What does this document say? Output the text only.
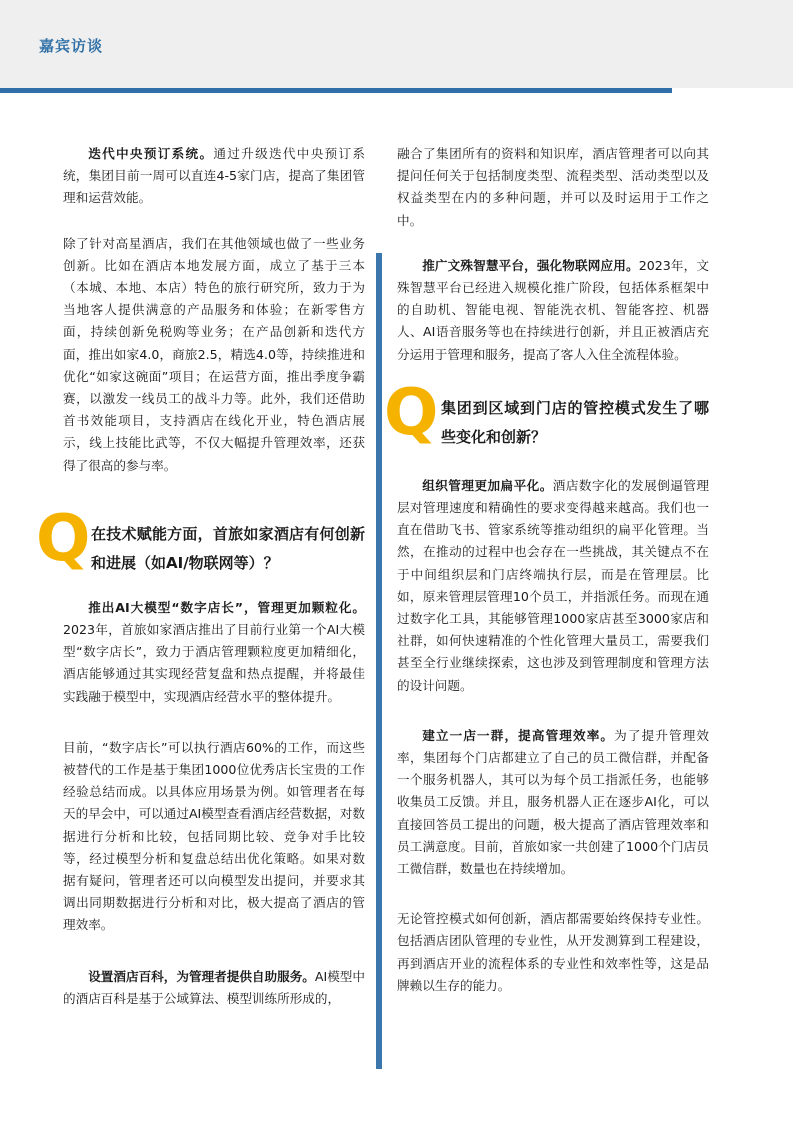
嘉宾访谈

迭代中央预订系统。通过升级迭代中央预订系统，集团目前一周可以直连4-5家门店，提高了集团管理和运营效能。

除了针对高星酒店，我们在其他领域也做了一些业务创新。比如在酒店本地发展方面，成立了基于三本（本城、本地、本店）特色的旅行研究所，致力于为当地客人提供满意的产品服务和体验；在新零售方面，持续创新免税购等业务；在产品创新和迭代方面，推出如家4.0，商旅2.5，精选4.0等，持续推进和优化“如家这碗面”项目；在运营方面，推出季度争霸赛，以激发一线员工的战斗力等。此外，我们还借助首书效能项目，支持酒店在线化开业，特色酒店展示，线上技能比武等，不仅大幅提升管理效率，还获得了很高的参与率。

Q 在技术赋能方面，首旅如家酒店有何创新和进展（如AI/物联网等）？

推出AI大模型“数字店长”，管理更加颗粒化。2023年，首旅如家酒店推出了目前行业第一个AI大模型“数字店长”，致力于酒店管理颗粒度更加精细化，酒店能够通过其实现经营复盘和热点提醒，并将最佳实践融于模型中，实现酒店经营水平的整体提升。

目前，“数字店长”可以执行酒店60%的工作，而这些被替代的工作是基于集团1000位优秀店长宝贵的工作经验总结而成。以具体应用场景为例。如管理者在每天的早会中，可以通过AI模型查看酒店经营数据，对数据进行分析和比较，包括同期比较、竞争对手比较等，经过模型分析和复盘总结出优化策略。如果对数据有疑问，管理者还可以向模型发出提问，并要求其调出同期数据进行分析和对比，极大提高了酒店的管理效率。

设置酒店百科，为管理者提供自助服务。AI模型中的酒店百科是基于公域算法、模型训练所形成的，

融合了集团所有的资料和知识库，酒店管理者可以向其提问任何关于包括制度类型、流程类型、活动类型以及权益类型在内的多种问题，并可以及时运用于工作之中。

推广文殊智慧平台，强化物联网应用。2023年，文殊智慧平台已经进入规模化推广阶段，包括体系框架中的自助机、智能电视、智能洗衣机、智能客控、机器人、AI语音服务等也在持续进行创新，并且正被酒店充分运用于管理和服务，提高了客人入住全流程体验。

Q 集团到区域到门店的管控模式发生了哪些变化和创新？

组织管理更加扁平化。酒店数字化的发展倒逼管理层对管理速度和精确性的要求变得越来越高。我们也一直在借助飞书、管家系统等推动组织的扁平化管理。当然，在推动的过程中也会存在一些挑战，其关键点不在于中间组织层和门店终端执行层，而是在管理层。比如，原来管理层管理10个员工，并指派任务。而现在通过数字化工具，其能够管理1000家店甚至3000家店和社群，如何快速精准的个性化管理大量员工，需要我们甚至全行业继续探索，这也涉及到管理制度和管理方法的设计问题。

建立一店一群，提高管理效率。为了提升管理效率，集团每个门店都建立了自己的员工微信群，并配备一个服务机器人，其可以为每个员工指派任务，也能够收集员工反馈。并且，服务机器人正在逐步AI化，可以直接回答员工提出的问题，极大提高了酒店管理效率和员工满意度。目前，首旅如家一共创建了1000个门店员工微信群，数量也在持续增加。

无论管控模式如何创新，酒店都需要始终保持专业性。包括酒店团队管理的专业性，从开发测算到工程建设，再到酒店开业的流程体系的专业性和效率性等，这是品牌赖以生存的能力。
